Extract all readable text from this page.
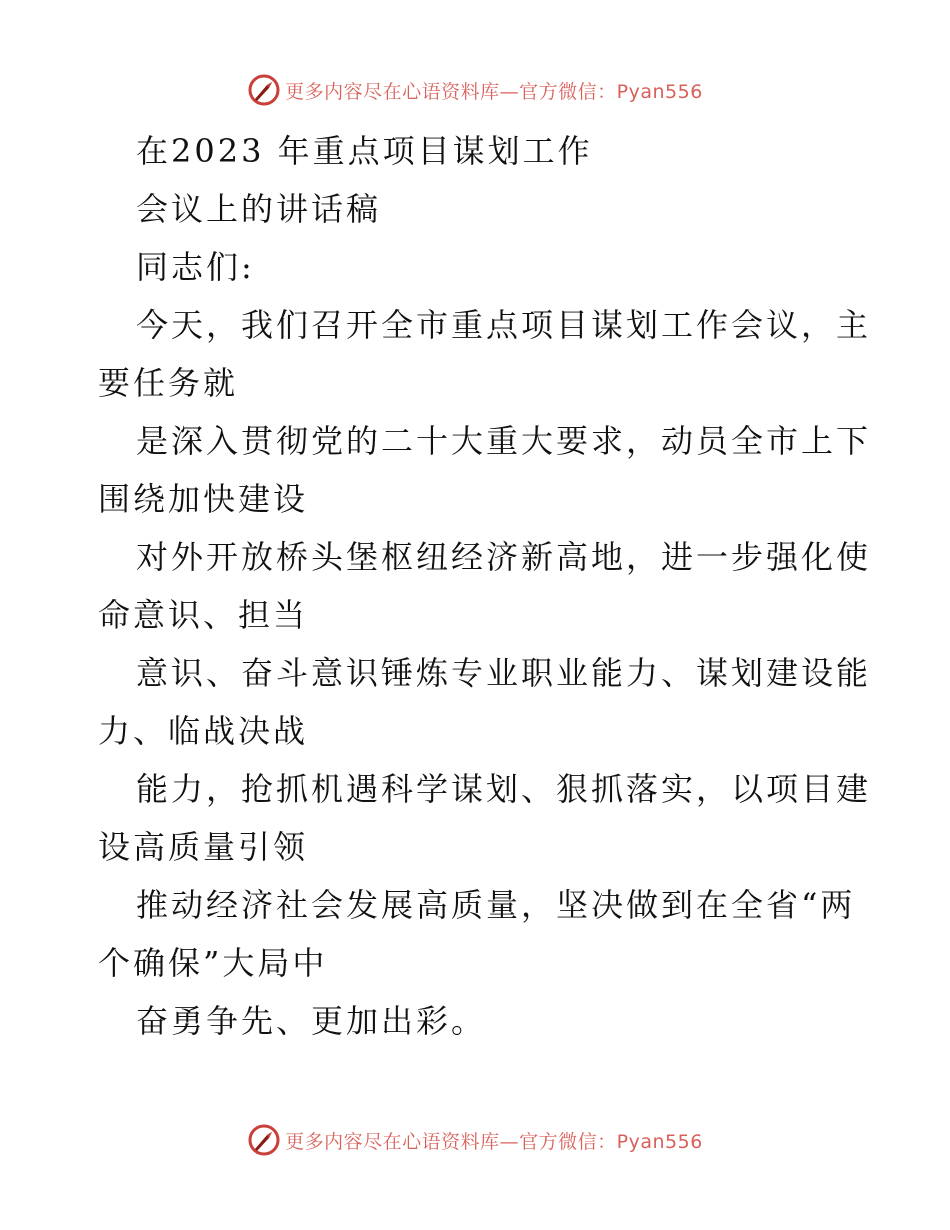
更多内容尽在心语资料库—官方微信：Pyan556

在2023 年重点项目谋划工作

会议上的讲话稿

同志们:

今天，我们召开全市重点项目谋划工作会议，主

要任务就

是深入贯彻党的二十大重大要求，动员全市上下

围绕加快建设

对外开放桥头堡枢纽经济新高地，进一步强化使

命意识、担当

意识、奋斗意识锤炼专业职业能力、谋划建设能

力、临战决战

能力，抢抓机遇科学谋划、狠抓落实，以项目建

设高质量引领

推动经济社会发展高质量，坚决做到在全省“两

个确保”大局中

奋勇争先、更加出彩。

更多内容尽在心语资料库—官方微信：Pyan556
